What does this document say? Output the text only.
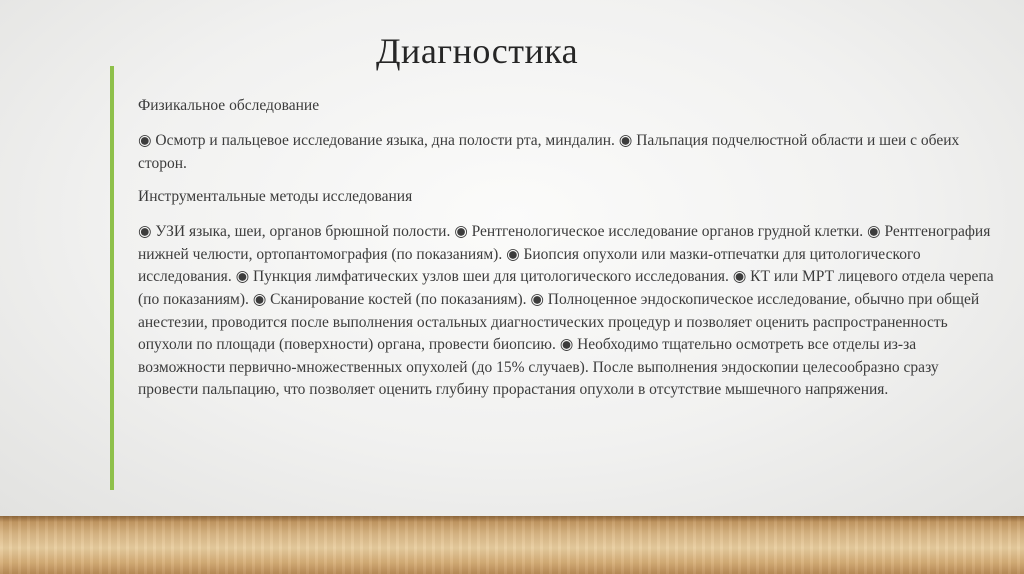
Диагностика

Физикальное обследование

◉ Осмотр и пальцевое исследование языка, дна полости рта, миндалин. ◉ Пальпация подчелюстной области и шеи с обеих сторон.

Инструментальные методы исследования

◉ УЗИ языка, шеи, органов брюшной полости. ◉ Рентгенологическое исследование органов грудной клетки. ◉ Рентгенография нижней челюсти, ортопантомография (по показаниям). ◉ Биопсия опухоли или мазки-отпечатки для цитологического исследования. ◉ Пункция лимфатических узлов шеи для цитологического исследования. ◉ КТ или МРТ лицевого отдела черепа (по показаниям). ◉ Сканирование костей (по показаниям). ◉ Полноценное эндоскопическое исследование, обычно при общей анестезии, проводится после выполнения остальных диагностических процедур и позволяет оценить распространенность опухоли по площади (поверхности) органа, провести биопсию. ◉ Необходимо тщательно осмотреть все отделы из-за возможности первично-множественных опухолей (до 15% случаев). После выполнения эндоскопии целесообразно сразу провести пальпацию, что позволяет оценить глубину прорастания опухоли в отсутствие мышечного напряжения.
